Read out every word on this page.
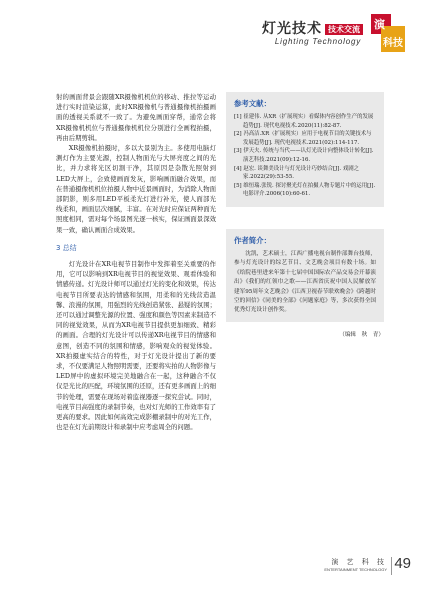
灯光技术 技术交流
Lighting Technology
演
科技

射的画面背景会跟随XR摄像机机位的移动、推拉等运动进行实时渲染运算，此时XR摄像机与普通摄像机拍摄画面的透视关系就不一致了。为避免画面穿帮，通常会将XR摄像机机位与普通摄像机机位分别进行全画程拍摄，再由后期剪辑。

XR摄像机拍摄时，多以大景别为主。多使用电脑灯测灯作为主要光源，控制人物面光与大屏亮度之间的光比，并力求将光区切割干净，其原因是杂散光照射到LED大屏上，会致使画面发灰，影响画面融合效果，而在普通摄像机机位拍摄人物中近景画面时，为消除人物面部阴影，则多用LED平板柔光灯进行补光，使人面部光线柔和，画面层次细腻，丰富。在对光时应保证两种面光照度相同，需对每个场景图光逐一核实，保证画面景深效果一致，确认画面合成效果。

3 总结

灯光设计在XR电视节目制作中发挥着至关重要的作用，它可以影响到XR电视节目的视觉效果、观看体验和情感传递。灯光设计师可以通过灯光的变化和效果，传达电视节目所要表达的情感和氛围，用柔和的光线营造温馨、浪漫的氛围，用强烈的光线创造紧张、悬疑的氛围；还可以通过调整光源的位置、强度和颜色等因素来制造不同的视觉效果，从而为XR电视节目提供更加细致、精彩的画面。合理的灯光设计可以传递XR电视节目的情感和意图，创造不同的氛围和情感，影响观众的视觉体验。XR拍摄虚实结合的特性，对于灯光设计提出了新的要求，不仅要满足人物照明需要，还要将实拍的人物影像与LED屏中的虚拟环境完美地融合在一起，这种融合不仅仅是光比的匹配，环境氛围的还原，还有更多画面上的细节的处理，需要在现场对着监视器逐一探究尝试。同时，电视节目高强度的录制节奏，也对灯光师的工作效率有了更高的要求。因此如何高效完成影棚录制中的对光工作，也是在灯光前期设计和录制中应考虑周全的问题。

参考文献：

[1] 崔建伟. 从XR（扩展现实）看媒体内容创作生产的发展趋势[J]. 现代电视技术.2020(11):82-87.

[2] 冯高洁.XR（扩展现实）应用于电视节目的关键技术与发展趋势[J]. 现代电视技术.2021(02):114-117.

[3] 伊天夫. 传统与当代——认灯光设计向整体设计转化[J]. 演艺科技.2021(09):12-16.

[4] 赵宏. 谈舞美设计与灯光设计巧妙结合[J]. 戏剧之家.2022(29):53-55.

[5] 维恒瑞.张锐. 探讨聚光灯在拍摄人物专题片中的运用[J]. 电影评介.2006(10):60-61.

作者简介：

沈凯，艺术硕士，江西广播电视台制作部舞台技师，参与灯光设计的综艺节目、文艺晚会项目有数十场。如《给院巷里进来年第十七届中国国际农产品交易会开幕演出》《我们的红领巾之歌——江西省庆祝中国人民解放军建军95周年文艺晚会》《江西卫视春节联欢晚会》《跨越时空的回信》《同美的全部》《问题家庭》等，多次获得全国优秀灯光设计创作奖。

（编辑　秋　青）
演 艺 科 技
ENTERTAINMENT TECHNOLOGY 49
